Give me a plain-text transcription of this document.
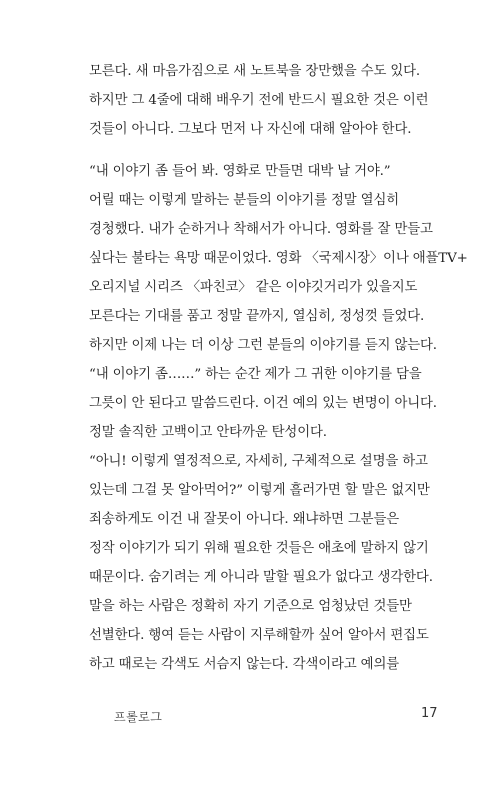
모른다. 새 마음가짐으로 새 노트북을 장만했을 수도 있다.
하지만 그 4줄에 대해 배우기 전에 반드시 필요한 것은 이런
것들이 아니다. 그보다 먼저 나 자신에 대해 알아야 한다.
“내 이야기 좀 들어 봐. 영화로 만들면 대박 날 거야.”
어릴 때는 이렇게 말하는 분들의 이야기를 정말 열심히
경청했다. 내가 순하거나 착해서가 아니다. 영화를 잘 만들고
싶다는 불타는 욕망 때문이었다. 영화 〈국제시장〉이나 애플TV+
오리지널 시리즈 〈파친코〉 같은 이야깃거리가 있을지도
모른다는 기대를 품고 정말 끝까지, 열심히, 정성껏 들었다.
하지만 이제 나는 더 이상 그런 분들의 이야기를 듣지 않는다.
“내 이야기 좀……” 하는 순간 제가 그 귀한 이야기를 담을
그릇이 안 된다고 말씀드린다. 이건 예의 있는 변명이 아니다.
정말 솔직한 고백이고 안타까운 탄성이다.
“아니! 이렇게 열정적으로, 자세히, 구체적으로 설명을 하고
있는데 그걸 못 알아먹어?” 이렇게 흘러가면 할 말은 없지만
죄송하게도 이건 내 잘못이 아니다. 왜냐하면 그분들은
정작 이야기가 되기 위해 필요한 것들은 애초에 말하지 않기
때문이다. 숨기려는 게 아니라 말할 필요가 없다고 생각한다.
말을 하는 사람은 정확히 자기 기준으로 엄청났던 것들만
선별한다. 행여 듣는 사람이 지루해할까 싶어 알아서 편집도
하고 때로는 각색도 서슴지 않는다. 각색이라고 예의를
프롤로그	17
